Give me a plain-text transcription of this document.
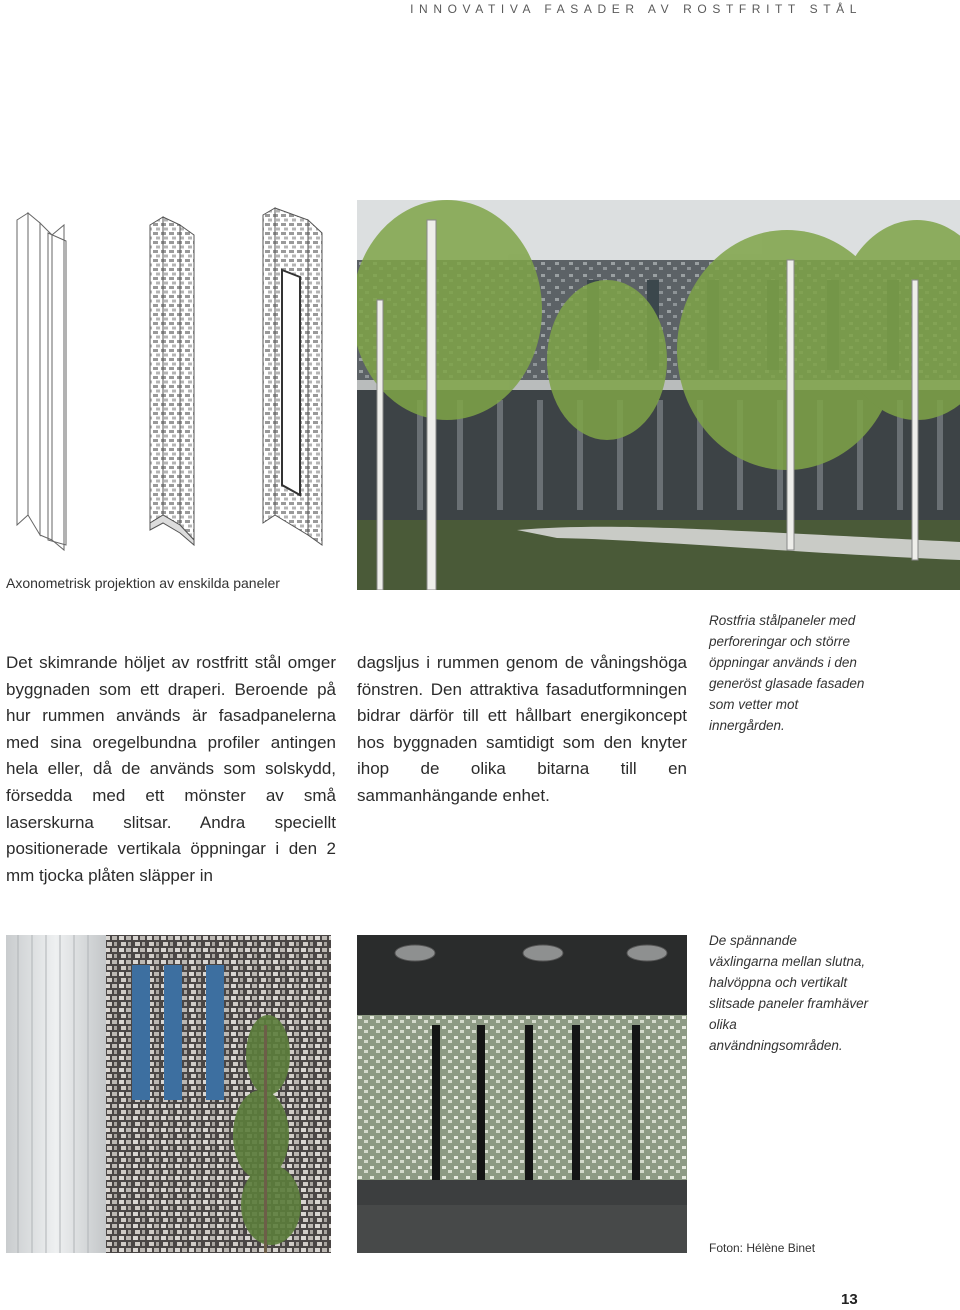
INNOVATIVA FASADER AV ROSTFRITT STÅL
Axonometrisk projektion av enskilda paneler

Det skimrande höljet av rostfritt stål omger byggnaden som ett draperi. Beroende på hur rummen används är fasadpanelerna med sina oregelbundna profiler antingen hela eller, då de används som solskydd, försedda med ett mönster av små laserskurna slitsar. Andra speciellt positionerade vertikala öppningar i den 2 mm tjocka plåten släpper in

dagsljus i rummen genom de våningshöga fönstren. Den attraktiva fasadutformningen bidrar därför till ett hållbart energikoncept hos byggnaden samtidigt som den knyter ihop de olika bitarna till en sammanhängande enhet.

Rostfria stålpaneler med perforeringar och större öppningar används i den generöst glasade fasaden som vetter mot innergården.
De spännande växlingarna mellan slutna, halvöppna och vertikalt slitsade paneler framhäver olika användningsområden.
Foton: Hélène Binet
13
